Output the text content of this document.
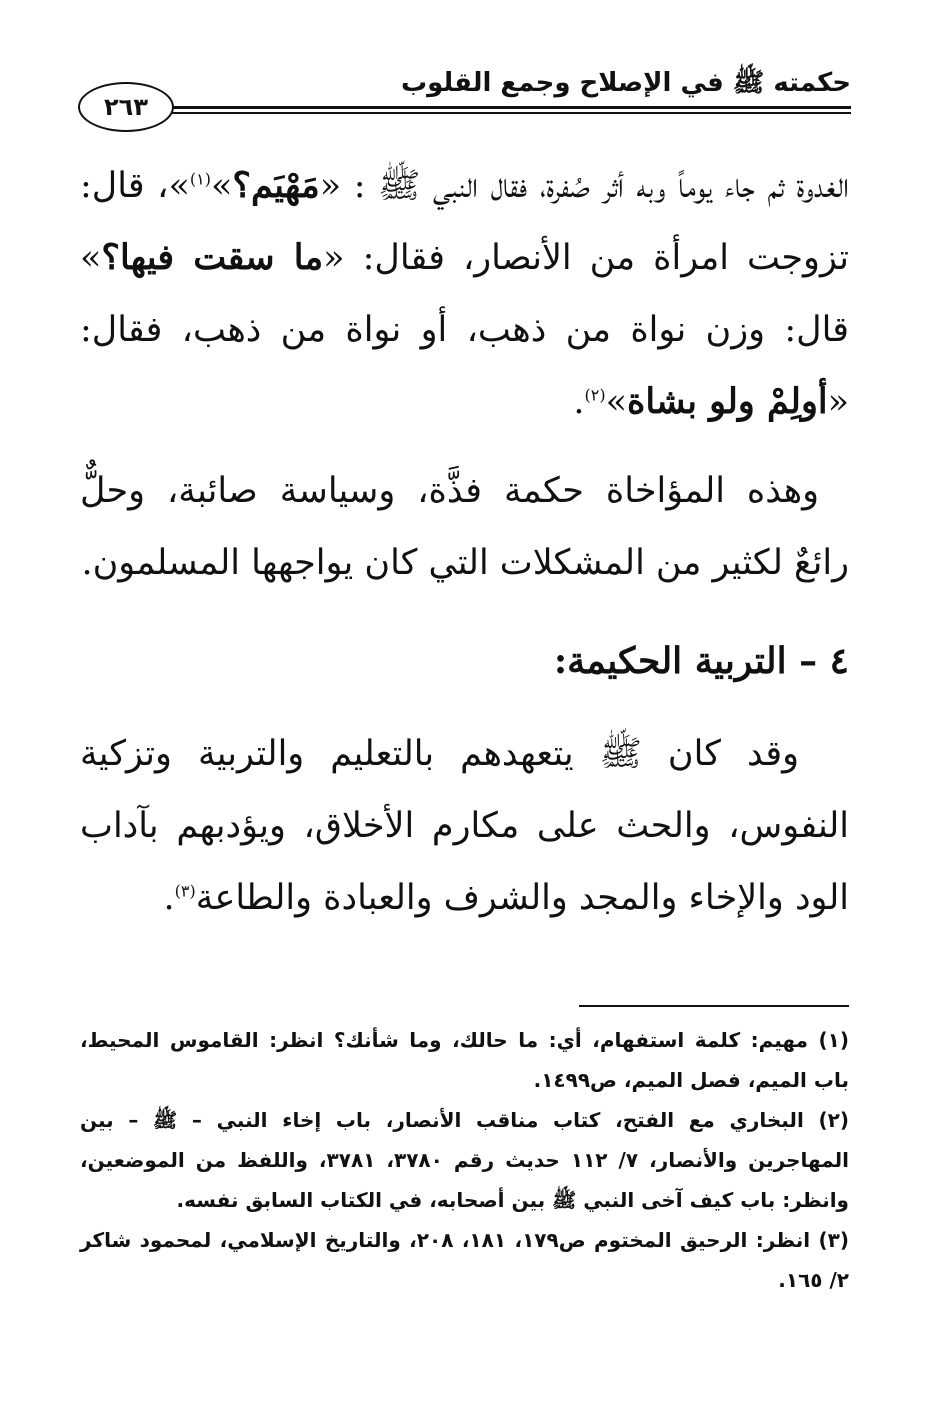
حكمته ﷺ في الإصلاح وجمع القلوب
٢٦٣
الغدوة ثم جاء يوماً وبه أثر صُفرة، فقال النبي ﷺ : «مَهْيَم؟»$^{(١)}$»، قال: تزوجت امرأة من الأنصار، فقال: «ما سقت فيها؟» قال: وزن نواة من ذهب، أو نواة من ذهب، فقال: «أولِمْ ولو بشاة»$^{(٢)}$.
وهذه المؤاخاة حكمة فذَّة، وسياسة صائبة، وحلٌّ رائعٌ لكثير من المشكلات التي كان يواجهها المسلمون.
٤ – التربية الحكيمة:
وقد كان ﷺ يتعهدهم بالتعليم والتربية وتزكية النفوس، والحث على مكارم الأخلاق، ويؤدبهم بآداب الود والإخاء والمجد والشرف والعبادة والطاعة$^{(٣)}$.
(١) مهيم: كلمة استفهام، أي: ما حالك، وما شأنك؟ انظر: القاموس المحيط، باب الميم، فصل الميم، ص١٤٩٩.
(٢) البخاري مع الفتح، كتاب مناقب الأنصار، باب إخاء النبي – ﷺ – بين المهاجرين والأنصار، ٧/ ١١٢ حديث رقم ٣٧٨٠، ٣٧٨١، واللفظ من الموضعين، وانظر: باب كيف آخى النبي ﷺ بين أصحابه، في الكتاب السابق نفسه.
(٣) انظر: الرحيق المختوم ص١٧٩، ١٨١، ٢٠٨، والتاريخ الإسلامي، لمحمود شاكر ٢/ ١٦٥.
